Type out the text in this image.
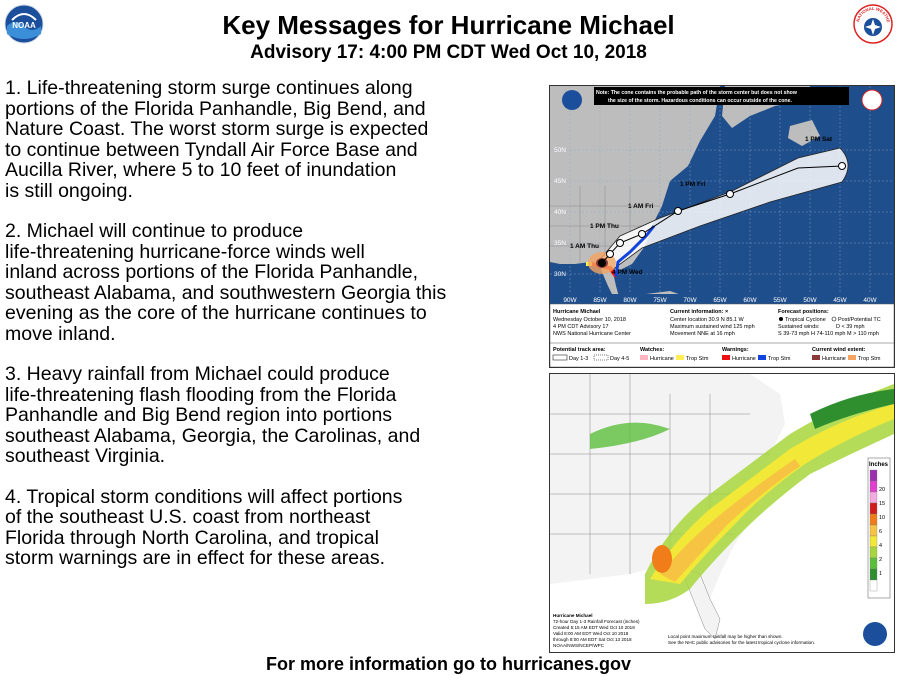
NOAA	Key Messages for Hurricane Michael
Advisory 17: 4:00 PM CDT Wed Oct 10, 2018
NATIONAL WEATHE

1. Life-threatening storm surge continues along
portions of the Florida Panhandle, Big Bend, and
Nature Coast. The worst storm surge is expected
to continue between Tyndall Air Force Base and
Aucilla River, where 5 to 10 feet of inundation
is still ongoing.

2. Michael will continue to produce
life-threatening hurricane-force winds well
inland across portions of the Florida Panhandle,
southeast Alabama, and southwestern Georgia this
evening as the core of the hurricane continues to
move inland.

3. Heavy rainfall from Michael could produce
life-threatening flash flooding from the Florida
Panhandle and Big Bend region into portions
southeast Alabama, Georgia, the Carolinas, and
southeast Virginia.

4. Tropical storm conditions will affect portions
of the southeast U.S. coast from northeast
Florida through North Carolina, and tropical
storm warnings are in effect for these areas.

1 PM Sat
1 PM Fri
1 AM Fri
1 PM Thu
1 AM Thu
4 PM Wed
Note: The cone contains the probable path of the storm center but does not show
the size of the storm. Hazardous conditions can occur outside of the cone.
50N
45N
40N
35N
30N
90W	85W	80W	75W	70W	65W	60W	55W	50W	45W	40W
Hurricane Michael
Wednesday October 10, 2018
4 PM CDT Advisory 17
NWS National Hurricane Center
Current information: ×
Center location 30.9 N 85.1 W
Maximum sustained wind 125 mph
Movement NNE at 16 mph
Forecast positions:
Tropical Cyclone Post/Potential TC
Sustained winds:	D < 39 mph
S 39-73 mph H 74-110 mph M > 110 mph
Potential track area:
Day 1-3	Day 4-5
Watches:
Hurricane Trop Stm
Warnings:
Hurricane Trop Stm
Current wind extent:
Hurricane Trop Stm
Inches
20
15
10
6
4
2
1
Hurricane Michael
72-hour Day 1-3 Rainfall Forecast (inches)
Created 5:15 AM EDT Wed Oct 10 2018
Valid 8:00 AM EDT Wed Oct 10 2018
through 8:00 AM EDT Sat Oct 13 2018
NOAA/NWS/NCEP/WPC
Local point maximum rainfall may be higher than shown.
See the NHC public advisories for the latest tropical cyclone information.
For more information go to hurricanes.gov
